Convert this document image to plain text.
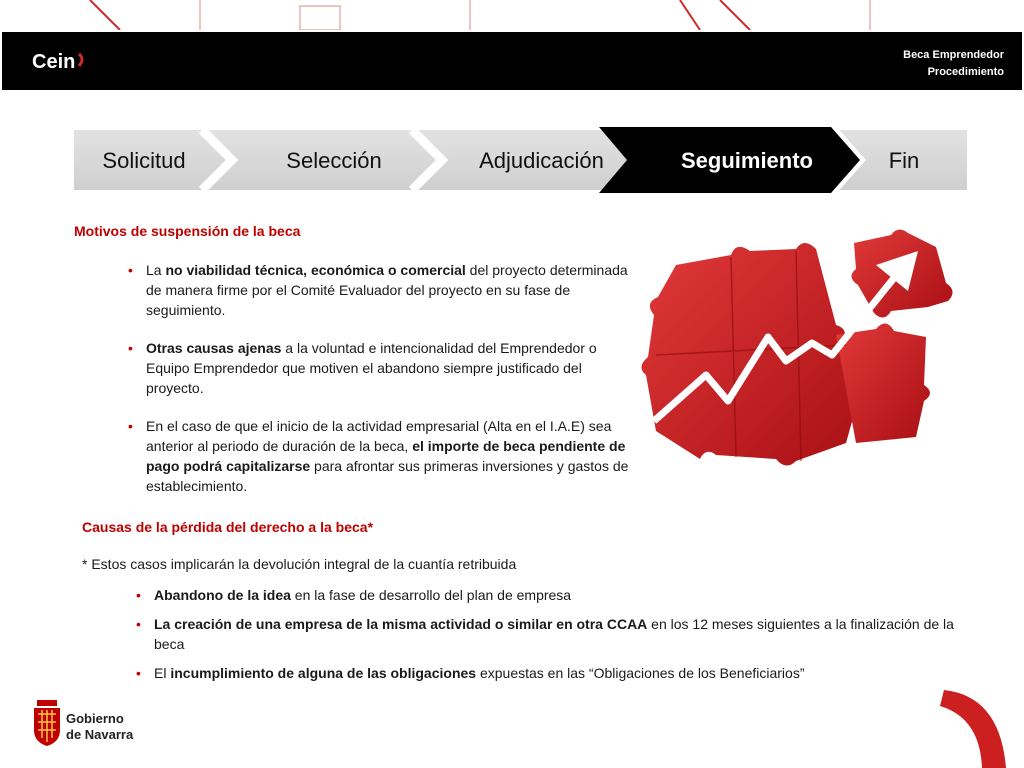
Cein	Beca Emprendedor
Procedimiento
Solicitud	Selección	Adjudicación	Seguimiento	Fin
Motivos de suspensión de la beca
• La no viabilidad técnica, económica o comercial del proyecto determinada de manera firme por el Comité Evaluador del proyecto en su fase de seguimiento.
• Otras causas ajenas a la voluntad e intencionalidad del Emprendedor o Equipo Emprendedor que motiven el abandono siempre justificado del proyecto.
• En el caso de que el inicio de la actividad empresarial (Alta en el I.A.E) sea anterior al periodo de duración de la beca, el importe de beca pendiente de pago podrá capitalizarse para afrontar sus primeras inversiones y gastos de establecimiento.
Causas de la pérdida del derecho a la beca*
* Estos casos implicarán la devolución integral de la cuantía retribuida
• Abandono de la idea en la fase de desarrollo del plan de empresa
• La creación de una empresa de la misma actividad o similar en otra CCAA en los 12 meses siguientes a la finalización de la beca
• El incumplimiento de alguna de las obligaciones expuestas en las “Obligaciones de los Beneficiarios”
Gobierno
de Navarra
